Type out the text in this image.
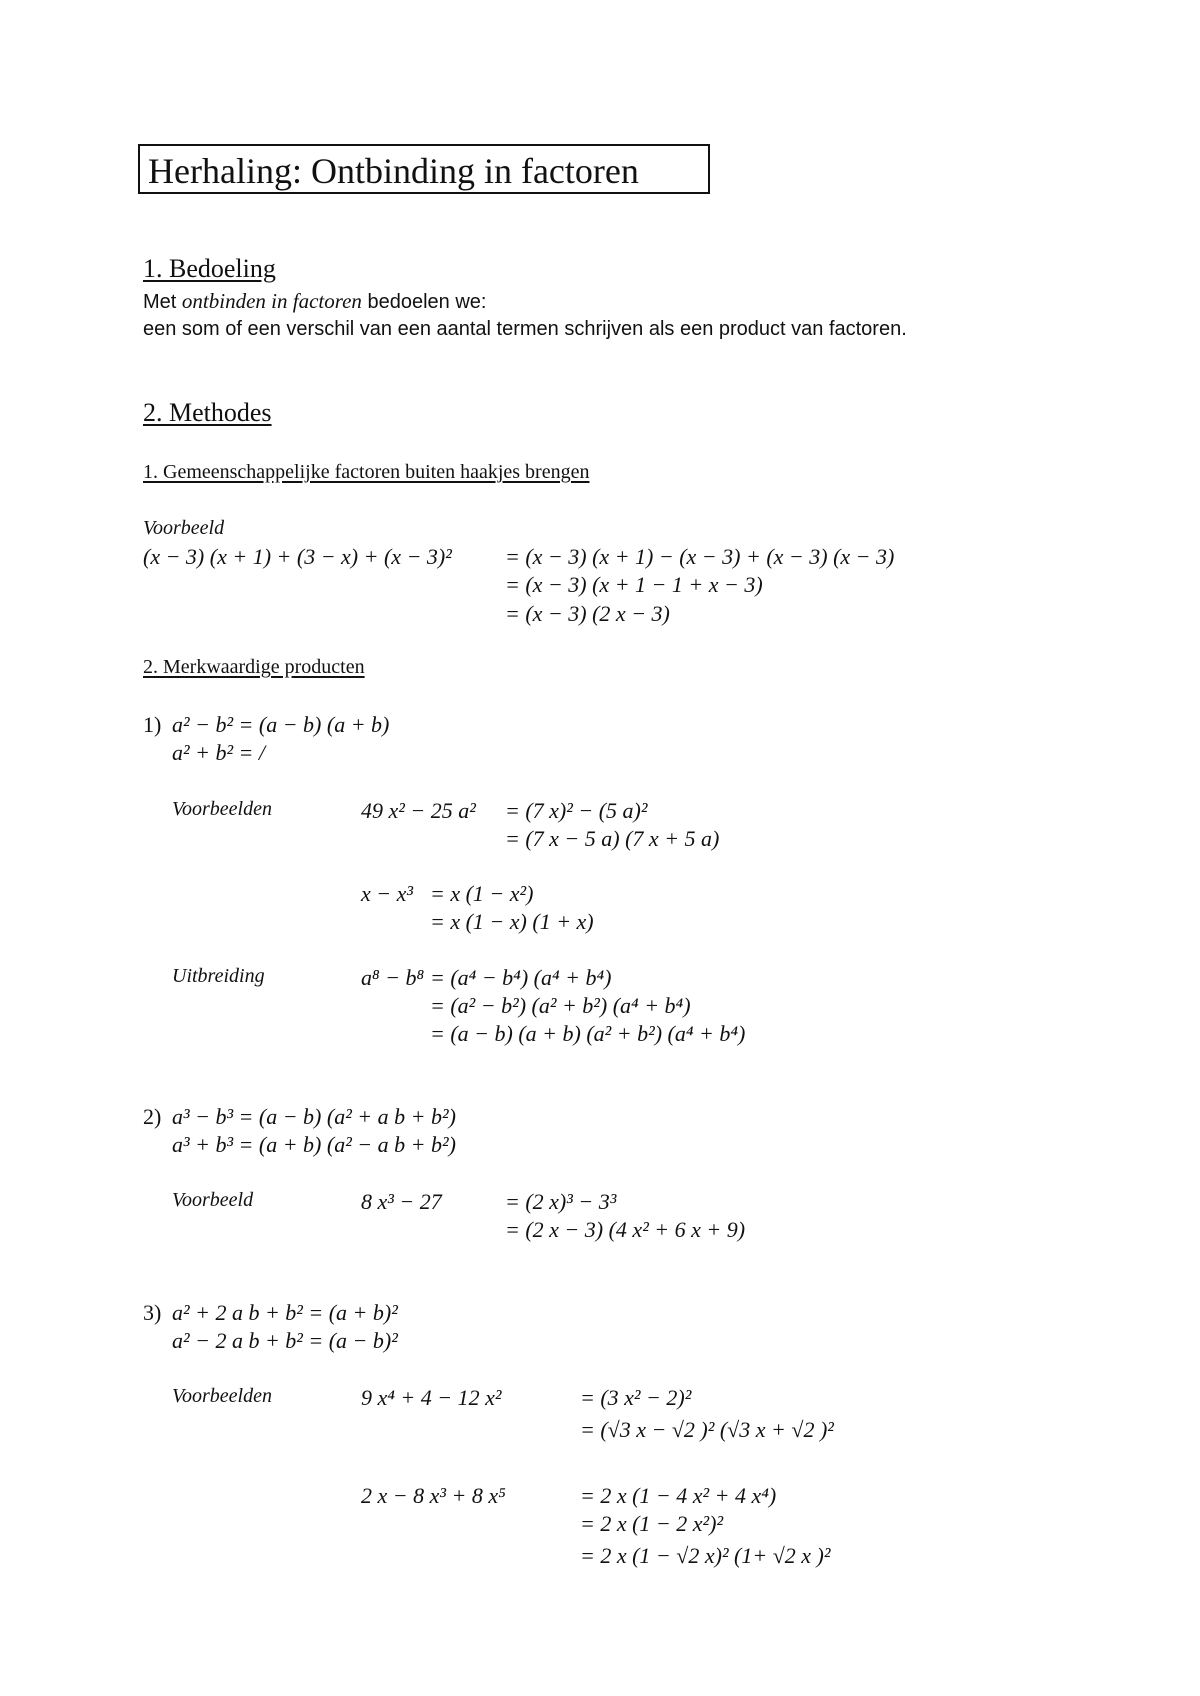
Herhaling: Ontbinding in factoren
1. Bedoeling
Met ontbinden in factoren bedoelen we:
een som of een verschil van een aantal termen schrijven als een product van factoren.
2. Methodes
1. Gemeenschappelijke factoren buiten haakjes brengen
Voorbeeld
(x − 3) (x + 1) + (3 − x) + (x − 3)² = (x − 3) (x + 1) − (x − 3) + (x − 3) (x − 3)
= (x − 3) (x + 1 − 1 + x − 3)
= (x − 3) (2 x − 3)
2. Merkwaardige producten
1) a² − b² = (a − b) (a + b)
a² + b² = /
Voorbeelden	49 x² − 25 a² = (7 x)² − (5 a)²
= (7 x − 5 a) (7 x + 5 a)
x − x³ = x (1 − x²)
= x (1 − x) (1 + x)
Uitbreiding	a⁸ − b⁸ = (a⁴ − b⁴) (a⁴ + b⁴)
= (a² − b²) (a² + b²) (a⁴ + b⁴)
= (a − b) (a + b) (a² + b²) (a⁴ + b⁴)
2) a³ − b³ = (a − b) (a² + a b + b²)
a³ + b³ = (a + b) (a² − a b + b²)
Voorbeeld	8 x³ − 27	= (2 x)³ − 3³
= (2 x − 3) (4 x² + 6 x + 9)
3) a² + 2 a b + b² = (a + b)²
a² − 2 a b + b² = (a − b)²
Voorbeelden	9 x⁴ + 4 − 12 x²	= (3 x² − 2)²
= (√3 x − √2 )² (√3 x + √2 )²
2 x − 8 x³ + 8 x⁵	= 2 x (1 − 4 x² + 4 x⁴)
= 2 x (1 − 2 x²)²
= 2 x (1 − √2 x)² (1+ √2 x )²
